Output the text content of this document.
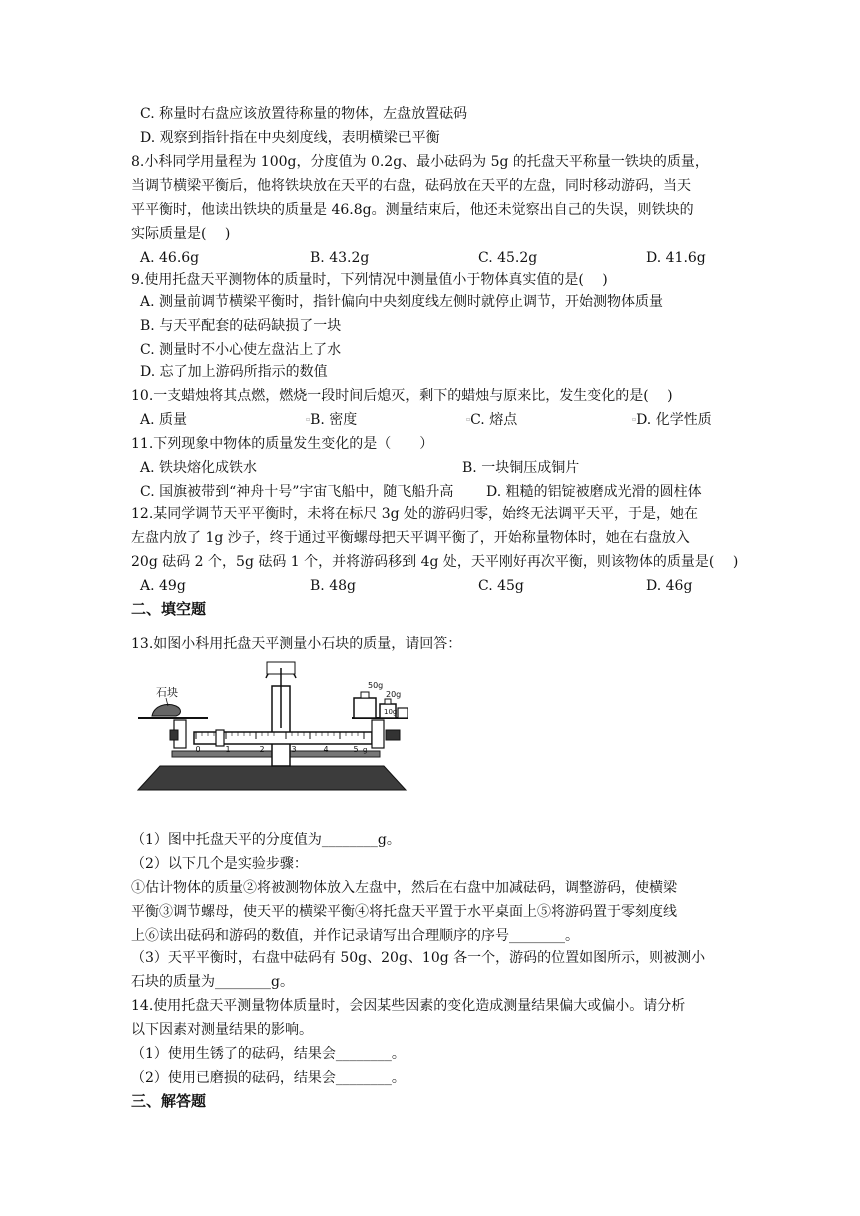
C. 称量时右盘应该放置待称量的物体，左盘放置砝码
D. 观察到指针指在中央刻度线，表明横梁已平衡
8.小科同学用量程为 100g，分度值为 0.2g、最小砝码为 5g 的托盘天平称量一铁块的质量，
当调节横梁平衡后，他将铁块放在天平的右盘，砝码放在天平的左盘，同时移动游码，当天
平平衡时，他读出铁块的质量是 46.8g。测量结束后，他还未觉察出自己的失误，则铁块的
实际质量是(　 )
A. 46.6g	B. 43.2g	C. 45.2g	D. 41.6g
9.使用托盘天平测物体的质量时，下列情况中测量值小于物体真实值的是(　 )
A. 测量前调节横梁平衡时，指针偏向中央刻度线左侧时就停止调节，开始测物体质量
B. 与天平配套的砝码缺损了一块
C. 测量时不小心使左盘沾上了水
D. 忘了加上游码所指示的数值
10.一支蜡烛将其点燃，燃烧一段时间后熄灭，剩下的蜡烛与原来比，发生变化的是(　 )
A. 质量	▫B. 密度	▫C. 熔点	▫D. 化学性质
11.下列现象中物体的质量发生变化的是（　　）
A. 铁块熔化成铁水	B. 一块铜压成铜片
C. 国旗被带到“神舟十号”宇宙飞船中，随飞船升高 D. 粗糙的铝锭被磨成光滑的圆柱体
12.某同学调节天平平衡时，未将在标尺 3g 处的游码归零，始终无法调平天平，于是，她在
左盘内放了 1g 沙子，终于通过平衡螺母把天平调平衡了，开始称量物体时，她在右盘放入
20g 砝码 2 个，5g 砝码 1 个，并将游码移到 4g 处，天平刚好再次平衡，则该物体的质量是(　 )
A. 49g	B. 48g	C. 45g	D. 46g
二、填空题
13.如图小科用托盘天平测量小石块的质量，请回答：
0	1	2	3	4	5 g
石块
50g
20g
10g
（1）图中托盘天平的分度值为________g。
（2）以下几个是实验步骤：
①估计物体的质量②将被测物体放入左盘中，然后在右盘中加减砝码，调整游码，使横梁
平衡③调节螺母，使天平的横梁平衡④将托盘天平置于水平桌面上⑤将游码置于零刻度线
上⑥读出砝码和游码的数值，并作记录请写出合理顺序的序号________。
（3）天平平衡时，右盘中砝码有 50g、20g、10g 各一个，游码的位置如图所示，则被测小
石块的质量为________g。
14.使用托盘天平测量物体质量时，会因某些因素的变化造成测量结果偏大或偏小。请分析
以下因素对测量结果的影响。
（1）使用生锈了的砝码，结果会________。
（2）使用已磨损的砝码，结果会________。
三、解答题
